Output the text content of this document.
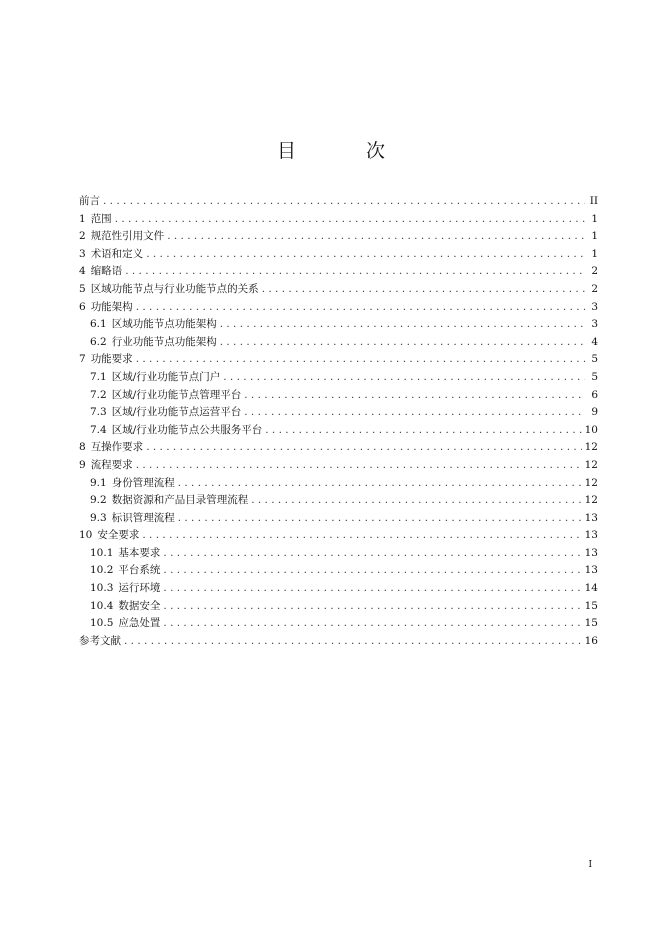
目 次
前言 . . .	II
1 范围 . . .	1
2 规范性引用文件 . . .	1
3 术语和定义 . . .	1
4 缩略语 . . .	2
5 区域功能节点与行业功能节点的关系 . . .	2
6 功能架构 . . .	3
6.1 区域功能节点功能架构 . . .	3
6.2 行业功能节点功能架构 . . .	4
7 功能要求 . . .	5
7.1 区域/行业功能节点门户 . . .	5
7.2 区域/行业功能节点管理平台 . . .	6
7.3 区域/行业功能节点运营平台 . . .	9
7.4 区域/行业功能节点公共服务平台 . . .	10
8 互操作要求 . . .	12
9 流程要求 . . .	12
9.1 身份管理流程 . . .	12
9.2 数据资源和产品目录管理流程 . . .	12
9.3 标识管理流程 . . .	13
10 安全要求 . . .	13
10.1 基本要求 . . .	13
10.2 平台系统 . . .	13
10.3 运行环境 . . .	14
10.4 数据安全 . . .	15
10.5 应急处置 . . .	15
参考文献 . . .	16
I
